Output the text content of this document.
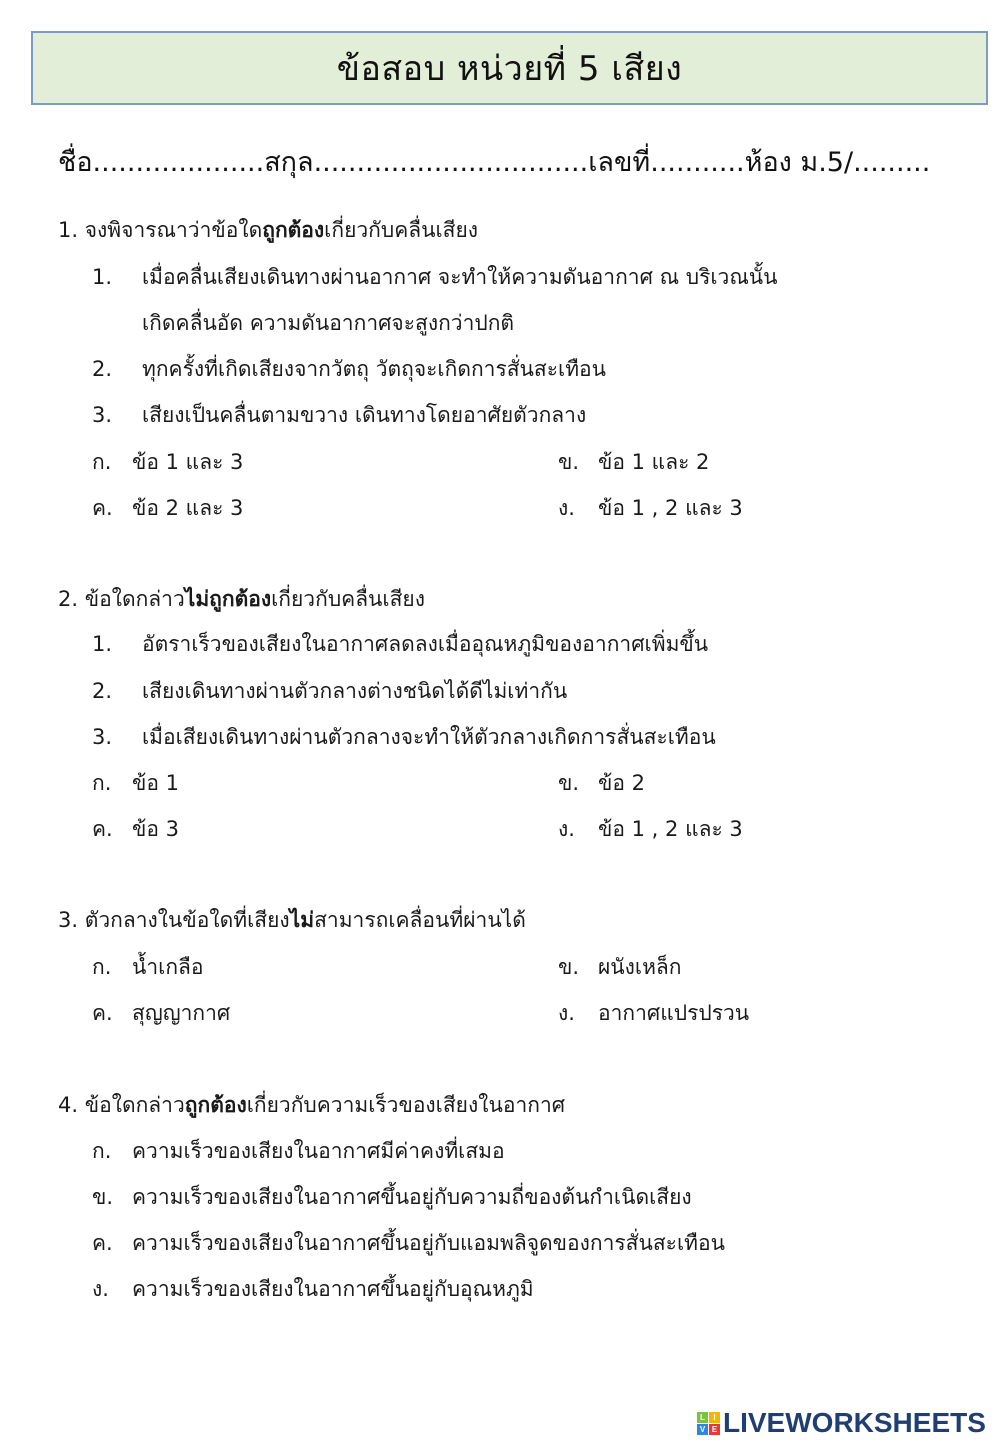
ข้อสอบ หน่วยที่ 5 เสียง
ชื่อ....................สกุล................................เลขที่...........ห้อง ม.5/.........
1. จงพิจารณาว่าข้อใดถูกต้องเกี่ยวกับคลื่นเสียง
1. เมื่อคลื่นเสียงเดินทางผ่านอากาศ จะทำให้ความดันอากาศ ณ บริเวณนั้น
เกิดคลื่นอัด ความดันอากาศจะสูงกว่าปกติ
2. ทุกครั้งที่เกิดเสียงจากวัตถุ วัตถุจะเกิดการสั่นสะเทือน
3. เสียงเป็นคลื่นตามขวาง เดินทางโดยอาศัยตัวกลาง
ก. ข้อ 1 และ 3	ข. ข้อ 1 และ 2
ค. ข้อ 2 และ 3	ง. ข้อ 1 , 2 และ 3
2. ข้อใดกล่าวไม่ถูกต้องเกี่ยวกับคลื่นเสียง
1. อัตราเร็วของเสียงในอากาศลดลงเมื่ออุณหภูมิของอากาศเพิ่มขึ้น
2. เสียงเดินทางผ่านตัวกลางต่างชนิดได้ดีไม่เท่ากัน
3. เมื่อเสียงเดินทางผ่านตัวกลางจะทำให้ตัวกลางเกิดการสั่นสะเทือน
ก. ข้อ 1	ข. ข้อ 2
ค. ข้อ 3	ง. ข้อ 1 , 2 และ 3
3. ตัวกลางในข้อใดที่เสียงไม่สามารถเคลื่อนที่ผ่านได้
ก. น้ำเกลือ	ข. ผนังเหล็ก
ค. สุญญากาศ	ง. อากาศแปรปรวน
4. ข้อใดกล่าวถูกต้องเกี่ยวกับความเร็วของเสียงในอากาศ
ก. ความเร็วของเสียงในอากาศมีค่าคงที่เสมอ
ข. ความเร็วของเสียงในอากาศขึ้นอยู่กับความถี่ของต้นกำเนิดเสียง
ค. ความเร็วของเสียงในอากาศขึ้นอยู่กับแอมพลิจูดของการสั่นสะเทือน
ง. ความเร็วของเสียงในอากาศขึ้นอยู่กับอุณหภูมิ
L	I
V E LIVEWORKSHEETS
